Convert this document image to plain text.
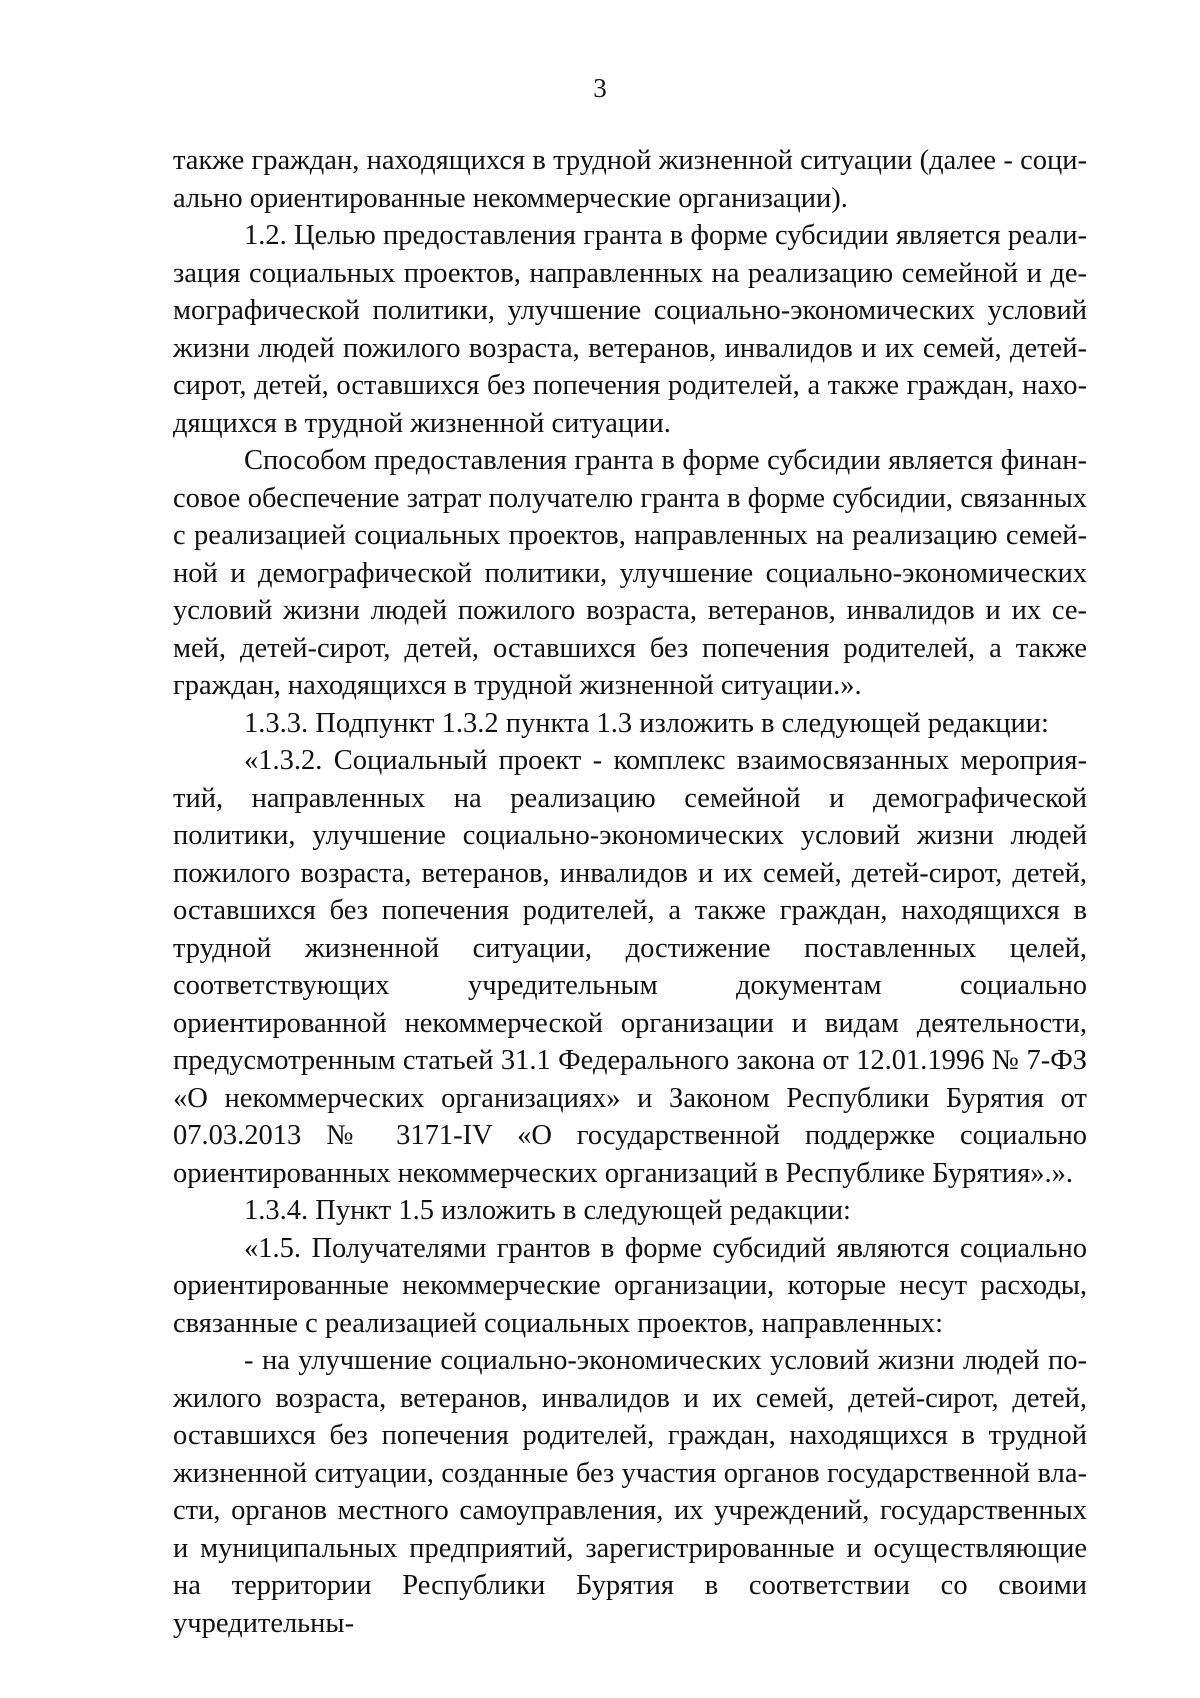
3

также граждан, находящихся в трудной жизненной ситуации (далее - социально ориентированные некоммерческие организации).

1.2. Целью предоставления гранта в форме субсидии является реализация социальных проектов, направленных на реализацию семейной и демографической политики, улучшение социально-экономических условий жизни людей пожилого возраста, ветеранов, инвалидов и их семей, детей-сирот, детей, оставшихся без попечения родителей, а также граждан, находящихся в трудной жизненной ситуации.

Способом предоставления гранта в форме субсидии является финансовое обеспечение затрат получателю гранта в форме субсидии, связанных с реализацией социальных проектов, направленных на реализацию семейной и демографической политики, улучшение социально-экономических условий жизни людей пожилого возраста, ветеранов, инвалидов и их семей, детей-сирот, детей, оставшихся без попечения родителей, а также граждан, находящихся в трудной жизненной ситуации.».

1.3.3. Подпункт 1.3.2 пункта 1.3 изложить в следующей редакции:

«1.3.2. Социальный проект - комплекс взаимосвязанных мероприятий, направленных на реализацию семейной и демографической политики, улучшение социально-экономических условий жизни людей пожилого возраста, ветеранов, инвалидов и их семей, детей-сирот, детей, оставшихся без попечения родителей, а также граждан, находящихся в трудной жизненной ситуации, достижение поставленных целей, соответствующих учредительным документам социально ориентированной некоммерческой организации и видам деятельности, предусмотренным статьей 31.1 Федерального закона от 12.01.1996 № 7-ФЗ «О некоммерческих организациях» и Законом Республики Бурятия от 07.03.2013 № 3171-IV «О государственной поддержке социально ориентированных некоммерческих организаций в Республике Бурятия».».

1.3.4. Пункт 1.5 изложить в следующей редакции:

«1.5. Получателями грантов в форме субсидий являются социально ориентированные некоммерческие организации, которые несут расходы, связанные с реализацией социальных проектов, направленных:

- на улучшение социально-экономических условий жизни людей пожилого возраста, ветеранов, инвалидов и их семей, детей-сирот, детей, оставшихся без попечения родителей, граждан, находящихся в трудной жизненной ситуации, созданные без участия органов государственной власти, органов местного самоуправления, их учреждений, государственных и муниципальных предприятий, зарегистрированные и осуществляющие на территории Республики Бурятия в соответствии со своими учредительны-
